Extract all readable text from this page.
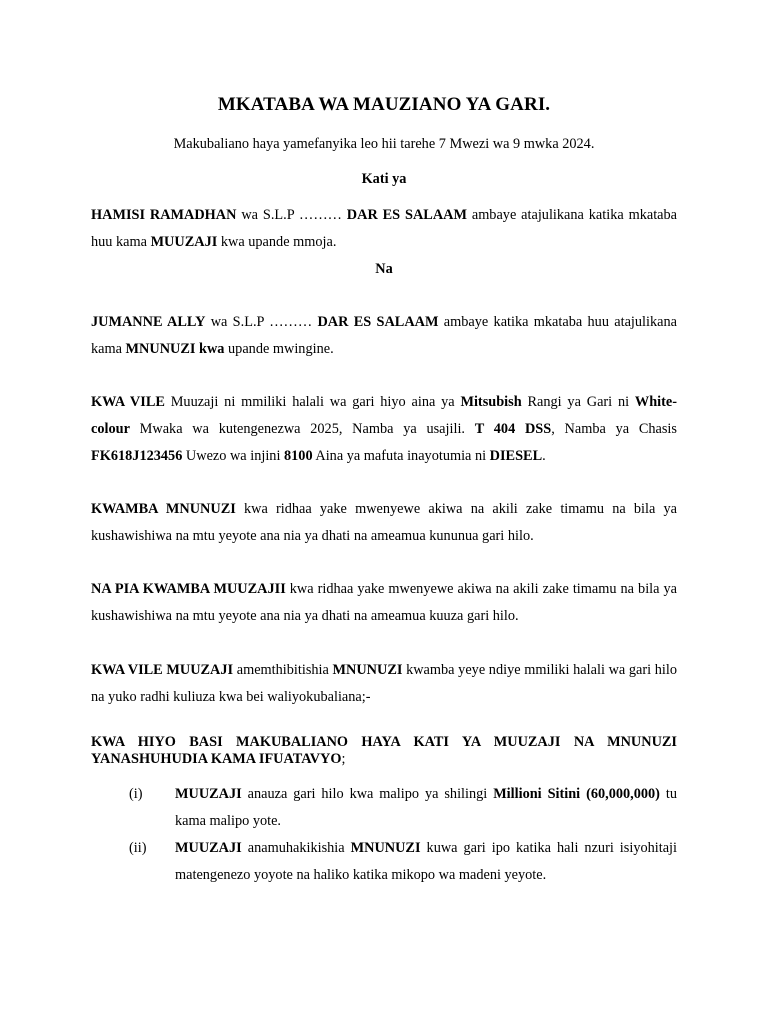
MKATABA WA MAUZIANO YA GARI.
Makubaliano haya yamefanyika leo hii tarehe 7 Mwezi wa 9 mwka 2024.
Kati ya
HAMISI RAMADHAN wa S.L.P ……… DAR ES SALAAM ambaye atajulikana katika mkataba huu kama MUUZAJI kwa upande mmoja.
Na
JUMANNE ALLY wa S.L.P ……… DAR ES SALAAM ambaye katika mkataba huu atajulikana kama MNUNUZI kwa upande mwingine.
KWA VILE Muuzaji ni mmiliki halali wa gari hiyo aina ya Mitsubish Rangi ya Gari ni White-colour Mwaka wa kutengenezwa 2025, Namba ya usajili. T 404 DSS, Namba ya Chasis FK618J123456 Uwezo wa injini 8100 Aina ya mafuta inayotumia ni DIESEL.
KWAMBA MNUNUZI kwa ridhaa yake mwenyewe akiwa na akili zake timamu na bila ya kushawishiwa na mtu yeyote ana nia ya dhati na ameamua kununua gari hilo.
NA PIA KWAMBA MUUZAJII kwa ridhaa yake mwenyewe akiwa na akili zake timamu na bila ya kushawishiwa na mtu yeyote ana nia ya dhati na ameamua kuuza gari hilo.
KWA VILE MUUZAJI amemthibitishia MNUNUZI kwamba yeye ndiye mmiliki halali wa gari hilo na yuko radhi kuliuza kwa bei waliyokubaliana;-
KWA HIYO BASI MAKUBALIANO HAYA KATI YA MUUZAJI NA MNUNUZI YANASHUHUDIA KAMA IFUATAVYO;
(i) MUUZAJI anauza gari hilo kwa malipo ya shilingi Millioni Sitini (60,000,000) tu kama malipo yote.
(ii) MUUZAJI anamuhakikishia MNUNUZI kuwa gari ipo katika hali nzuri isiyohitaji matengenezo yoyote na haliko katika mikopo wa madeni yeyote.
